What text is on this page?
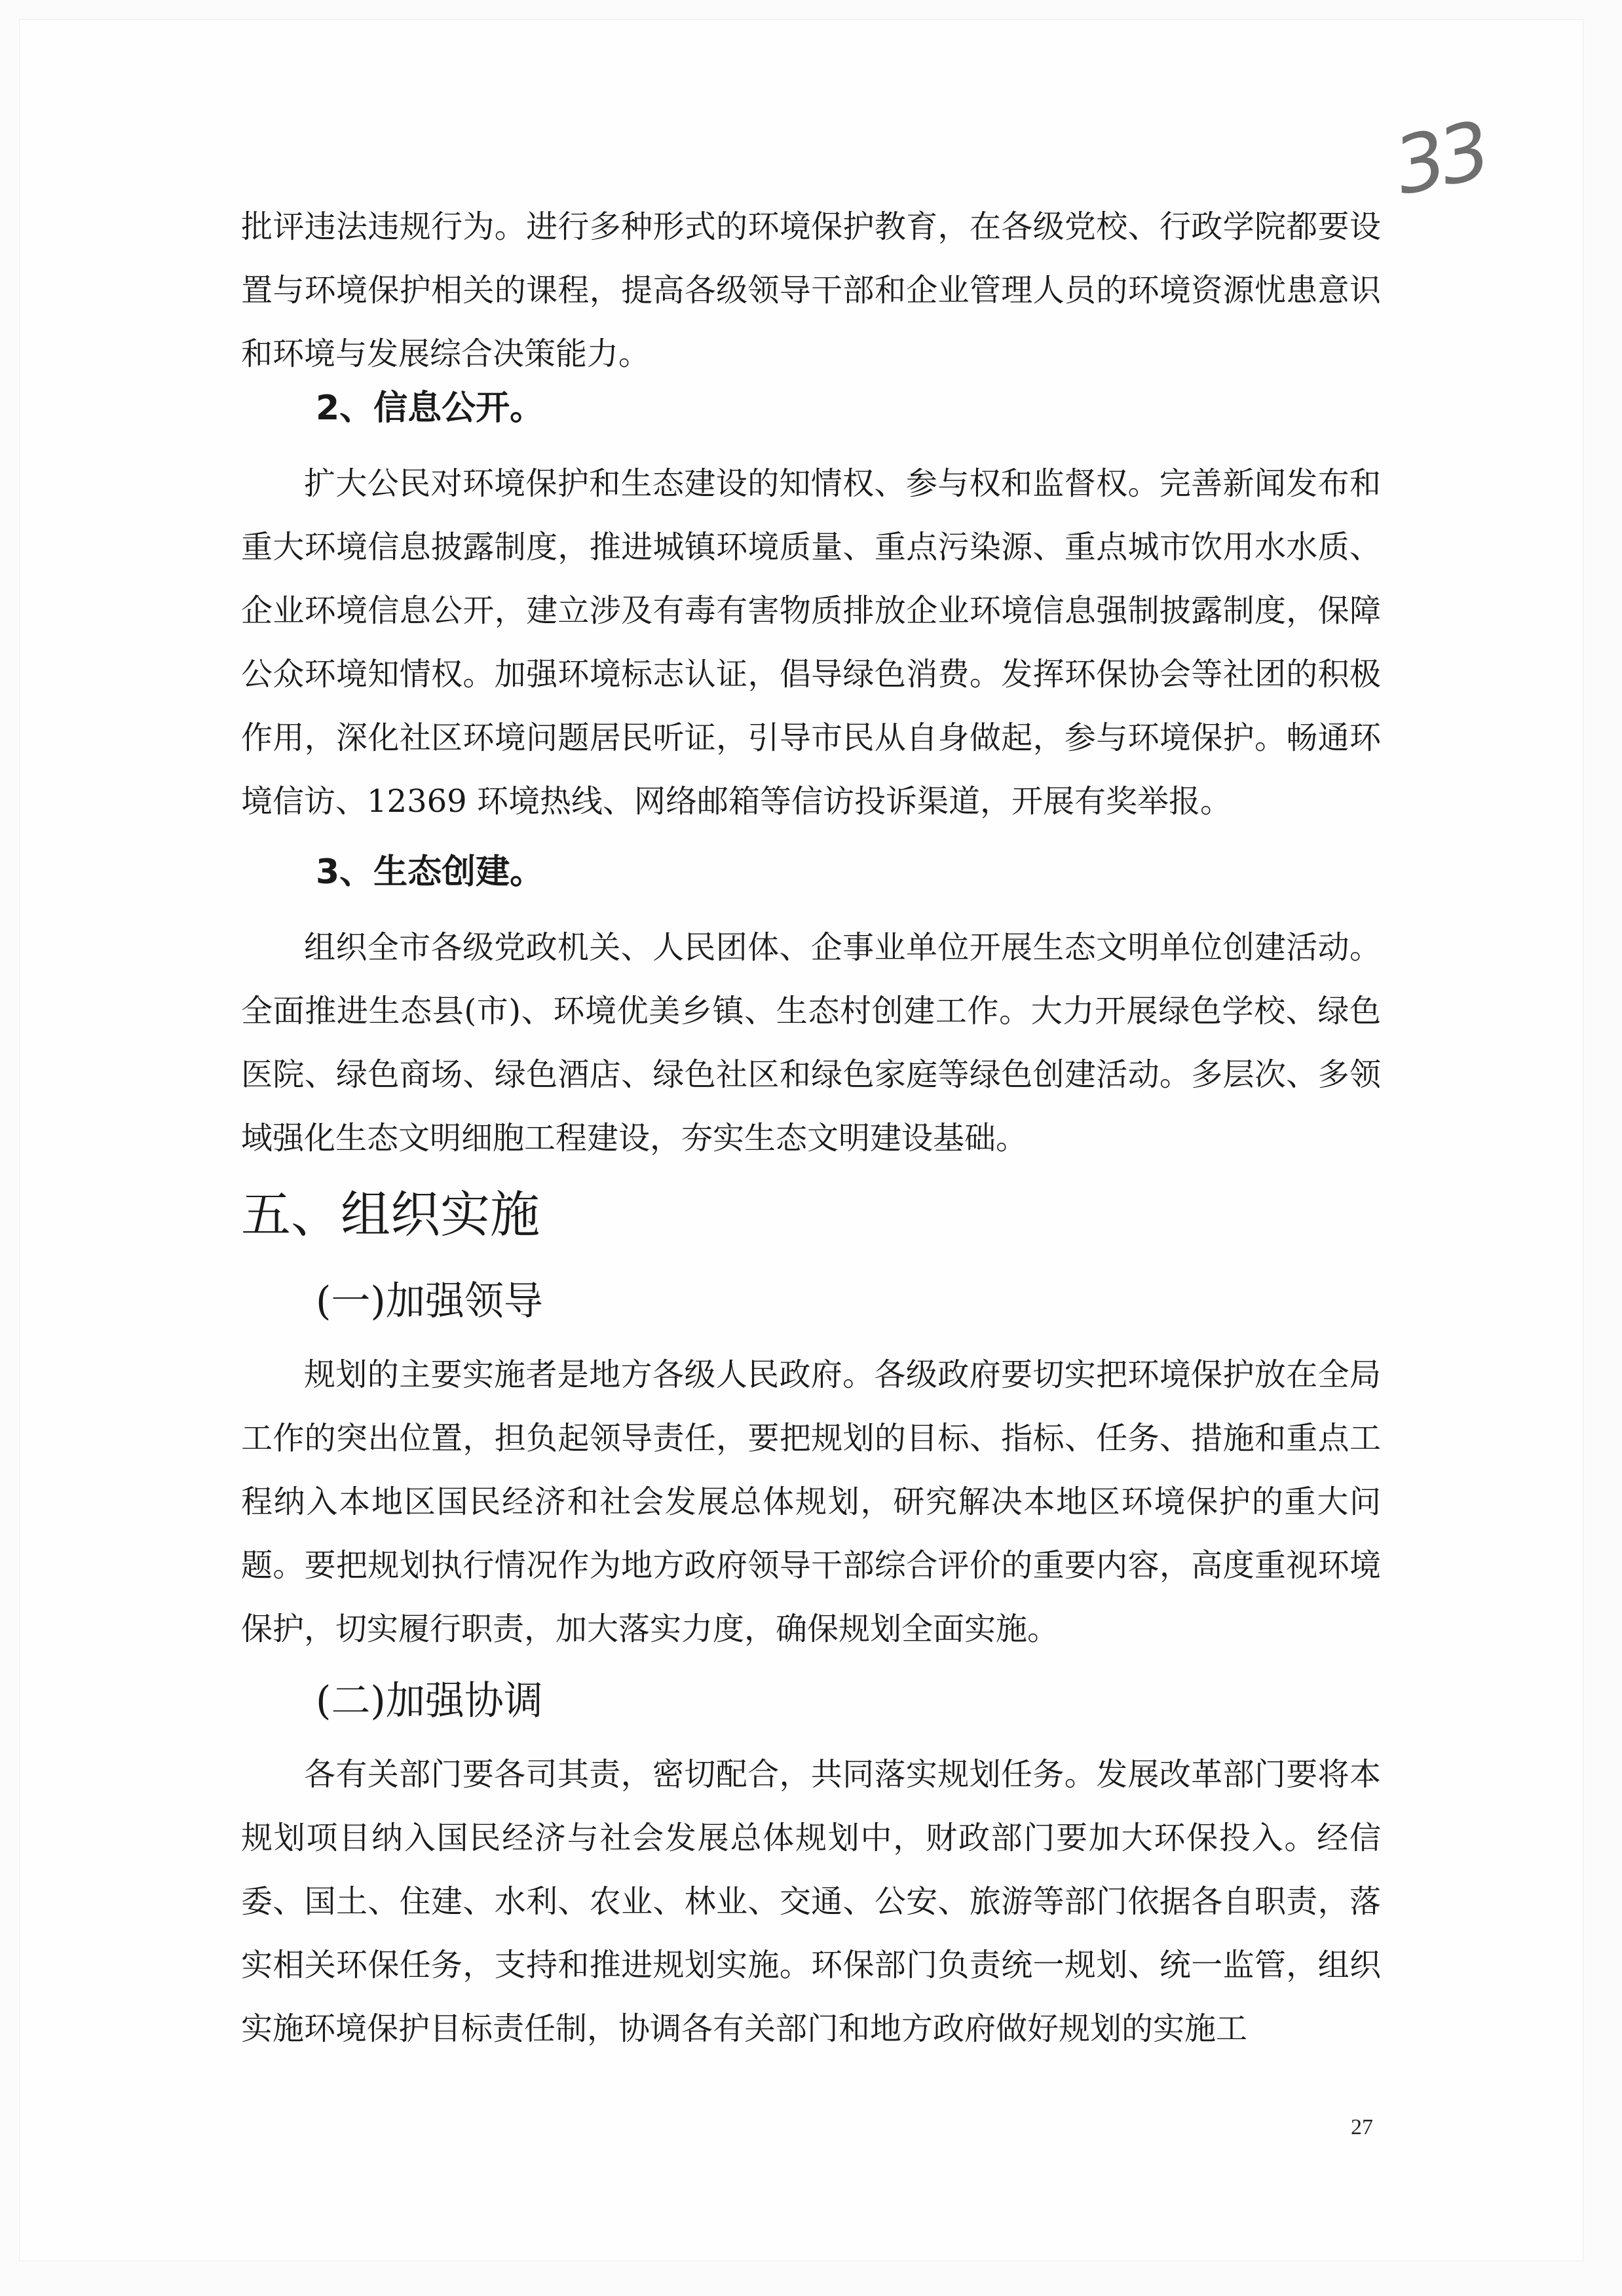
33

批评违法违规行为。进行多种形式的环境保护教育，在各级党校、行政学院都要设置与环境保护相关的课程，提高各级领导干部和企业管理人员的环境资源忧患意识和环境与发展综合决策能力。

2、信息公开。

扩大公民对环境保护和生态建设的知情权、参与权和监督权。完善新闻发布和重大环境信息披露制度，推进城镇环境质量、重点污染源、重点城市饮用水水质、企业环境信息公开，建立涉及有毒有害物质排放企业环境信息强制披露制度，保障公众环境知情权。加强环境标志认证，倡导绿色消费。发挥环保协会等社团的积极作用，深化社区环境问题居民听证，引导市民从自身做起，参与环境保护。畅通环境信访、12369 环境热线、网络邮箱等信访投诉渠道，开展有奖举报。

3、生态创建。

组织全市各级党政机关、人民团体、企事业单位开展生态文明单位创建活动。全面推进生态县(市)、环境优美乡镇、生态村创建工作。大力开展绿色学校、绿色医院、绿色商场、绿色酒店、绿色社区和绿色家庭等绿色创建活动。多层次、多领域强化生态文明细胞工程建设，夯实生态文明建设基础。

五、组织实施
(一)加强领导

规划的主要实施者是地方各级人民政府。各级政府要切实把环境保护放在全局工作的突出位置，担负起领导责任，要把规划的目标、指标、任务、措施和重点工程纳入本地区国民经济和社会发展总体规划，研究解决本地区环境保护的重大问题。要把规划执行情况作为地方政府领导干部综合评价的重要内容，高度重视环境保护，切实履行职责，加大落实力度，确保规划全面实施。

(二)加强协调

各有关部门要各司其责，密切配合，共同落实规划任务。发展改革部门要将本规划项目纳入国民经济与社会发展总体规划中，财政部门要加大环保投入。经信委、国土、住建、水利、农业、林业、交通、公安、旅游等部门依据各自职责，落实相关环保任务，支持和推进规划实施。环保部门负责统一规划、统一监管，组织实施环境保护目标责任制，协调各有关部门和地方政府做好规划的实施工

27
